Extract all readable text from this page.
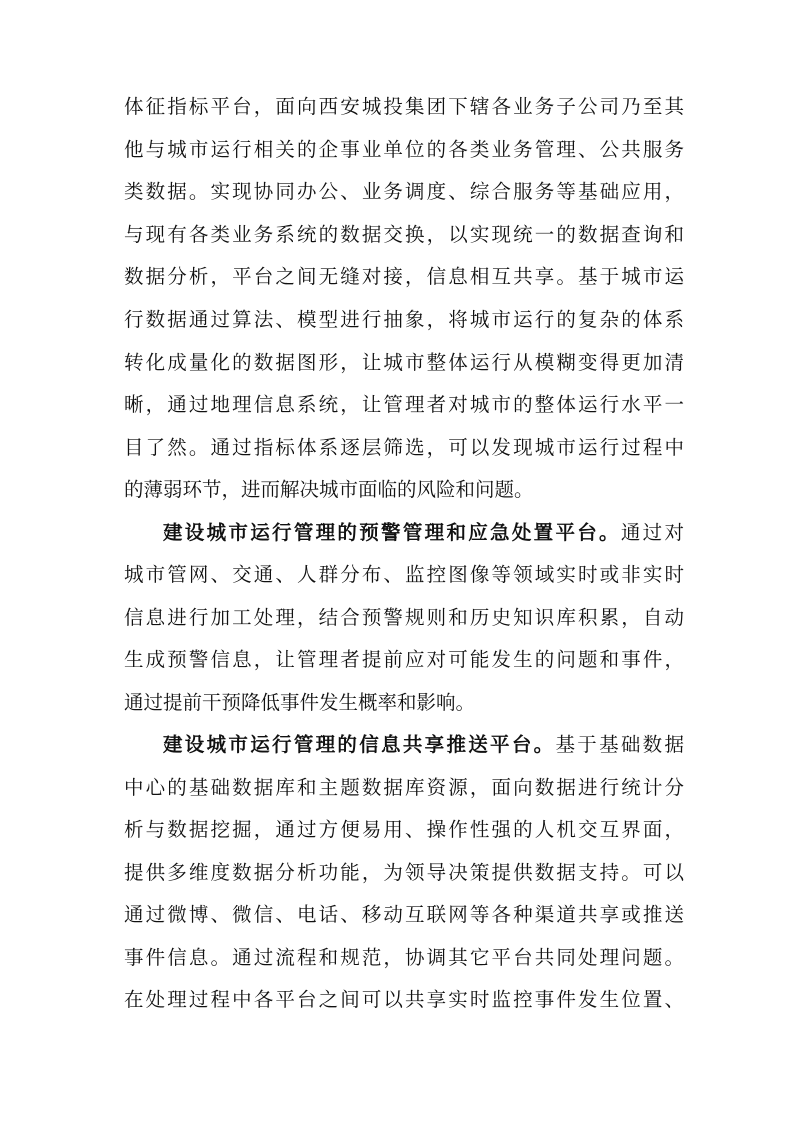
体征指标平台，面向西安城投集团下辖各业务子公司乃至其
他与城市运行相关的企事业单位的各类业务管理、公共服务
类数据。实现协同办公、业务调度、综合服务等基础应用，
与现有各类业务系统的数据交换，以实现统一的数据查询和
数据分析，平台之间无缝对接，信息相互共享。基于城市运
行数据通过算法、模型进行抽象，将城市运行的复杂的体系
转化成量化的数据图形，让城市整体运行从模糊变得更加清
晰，通过地理信息系统，让管理者对城市的整体运行水平一
目了然。通过指标体系逐层筛选，可以发现城市运行过程中
的薄弱环节，进而解决城市面临的风险和问题。
建设城市运行管理的预警管理和应急处置平台。通过对
城市管网、交通、人群分布、监控图像等领域实时或非实时
信息进行加工处理，结合预警规则和历史知识库积累，自动
生成预警信息，让管理者提前应对可能发生的问题和事件，
通过提前干预降低事件发生概率和影响。
建设城市运行管理的信息共享推送平台。基于基础数据
中心的基础数据库和主题数据库资源，面向数据进行统计分
析与数据挖掘，通过方便易用、操作性强的人机交互界面，
提供多维度数据分析功能，为领导决策提供数据支持。可以
通过微博、微信、电话、移动互联网等各种渠道共享或推送
事件信息。通过流程和规范，协调其它平台共同处理问题。
在处理过程中各平台之间可以共享实时监控事件发生位置、
